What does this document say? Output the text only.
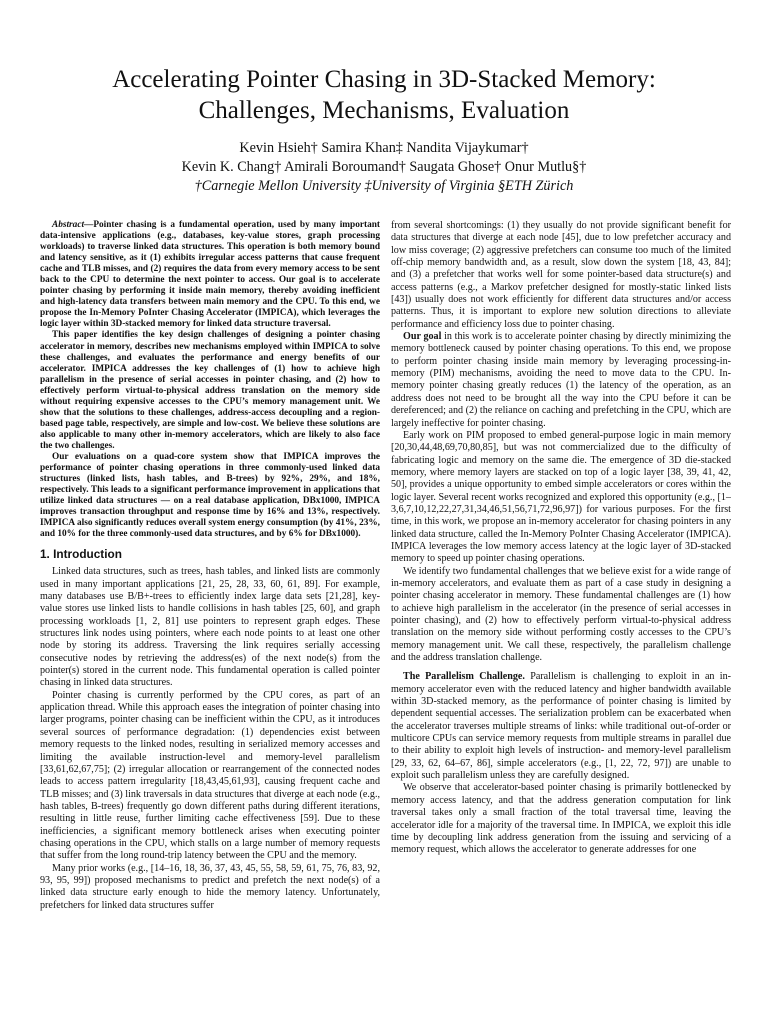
Accelerating Pointer Chasing in 3D-Stacked Memory:
Challenges, Mechanisms, Evaluation
Kevin Hsieh† Samira Khan‡ Nandita Vijaykumar†
Kevin K. Chang† Amirali Boroumand† Saugata Ghose† Onur Mutlu§†
†Carnegie Mellon University ‡University of Virginia §ETH Zürich

Abstract—Pointer chasing is a fundamental operation, used by many important data-intensive applications (e.g., databases, key-value stores, graph processing workloads) to traverse linked data structures. This operation is both memory bound and latency sensitive, as it (1) exhibits irregular access patterns that cause frequent cache and TLB misses, and (2) requires the data from every memory access to be sent back to the CPU to determine the next pointer to access. Our goal is to accelerate pointer chasing by performing it inside main memory, thereby avoiding inefficient and high-latency data transfers between main memory and the CPU. To this end, we propose the In-Memory PoInter Chasing Accelerator (IMPICA), which leverages the logic layer within 3D-stacked memory for linked data structure traversal.

This paper identifies the key design challenges of designing a pointer chasing accelerator in memory, describes new mechanisms employed within IMPICA to solve these challenges, and evaluates the performance and energy benefits of our accelerator. IMPICA addresses the key challenges of (1) how to achieve high parallelism in the presence of serial accesses in pointer chasing, and (2) how to effectively perform virtual-to-physical address translation on the memory side without requiring expensive accesses to the CPU’s memory management unit. We show that the solutions to these challenges, address-access decoupling and a region-based page table, respectively, are simple and low-cost. We believe these solutions are also applicable to many other in-memory accelerators, which are likely to also face the two challenges.

Our evaluations on a quad-core system show that IMPICA improves the performance of pointer chasing operations in three commonly-used linked data structures (linked lists, hash tables, and B-trees) by 92%, 29%, and 18%, respectively. This leads to a significant performance improvement in applications that utilize linked data structures — on a real database application, DBx1000, IMPICA improves transaction throughput and response time by 16% and 13%, respectively. IMPICA also significantly reduces overall system energy consumption (by 41%, 23%, and 10% for the three commonly-used data structures, and by 6% for DBx1000).

1. Introduction

Linked data structures, such as trees, hash tables, and linked lists are commonly used in many important applications [21, 25, 28, 33, 60, 61, 89]. For example, many databases use B/B+-trees to efficiently index large data sets [21,28], key-value stores use linked lists to handle collisions in hash tables [25, 60], and graph processing workloads [1, 2, 81] use pointers to represent graph edges. These structures link nodes using pointers, where each node points to at least one other node by storing its address. Traversing the link requires serially accessing consecutive nodes by retrieving the address(es) of the next node(s) from the pointer(s) stored in the current node. This fundamental operation is called pointer chasing in linked data structures.

Pointer chasing is currently performed by the CPU cores, as part of an application thread. While this approach eases the integration of pointer chasing into larger programs, pointer chasing can be inefficient within the CPU, as it introduces several sources of performance degradation: (1) dependencies exist between memory requests to the linked nodes, resulting in serialized memory accesses and limiting the available instruction-level and memory-level parallelism [33,61,62,67,75]; (2) irregular allocation or rearrangement of the connected nodes leads to access pattern irregularity [18,43,45,61,93], causing frequent cache and TLB misses; and (3) link traversals in data structures that diverge at each node (e.g., hash tables, B-trees) frequently go down different paths during different iterations, resulting in little reuse, further limiting cache effectiveness [59]. Due to these inefficiencies, a significant memory bottleneck arises when executing pointer chasing operations in the CPU, which stalls on a large number of memory requests that suffer from the long round-trip latency between the CPU and the memory.

Many prior works (e.g., [14–16, 18, 36, 37, 43, 45, 55, 58, 59, 61, 75, 76, 83, 92, 93, 95, 99]) proposed mechanisms to predict and prefetch the next node(s) of a linked data structure early enough to hide the memory latency. Unfortunately, prefetchers for linked data structures suffer

from several shortcomings: (1) they usually do not provide significant benefit for data structures that diverge at each node [45], due to low prefetcher accuracy and low miss coverage; (2) aggressive prefetchers can consume too much of the limited off-chip memory bandwidth and, as a result, slow down the system [18, 43, 84]; and (3) a prefetcher that works well for some pointer-based data structure(s) and access patterns (e.g., a Markov prefetcher designed for mostly-static linked lists [43]) usually does not work efficiently for different data structures and/or access patterns. Thus, it is important to explore new solution directions to alleviate performance and efficiency loss due to pointer chasing.

Our goal in this work is to accelerate pointer chasing by directly minimizing the memory bottleneck caused by pointer chasing operations. To this end, we propose to perform pointer chasing inside main memory by leveraging processing-in-memory (PIM) mechanisms, avoiding the need to move data to the CPU. In-memory pointer chasing greatly reduces (1) the latency of the operation, as an address does not need to be brought all the way into the CPU before it can be dereferenced; and (2) the reliance on caching and prefetching in the CPU, which are largely ineffective for pointer chasing.

Early work on PIM proposed to embed general-purpose logic in main memory [20,30,44,48,69,70,80,85], but was not commercialized due to the difficulty of fabricating logic and memory on the same die. The emergence of 3D die-stacked memory, where memory layers are stacked on top of a logic layer [38, 39, 41, 42, 50], provides a unique opportunity to embed simple accelerators or cores within the logic layer. Several recent works recognized and explored this opportunity (e.g., [1–3,6,7,10,12,22,27,31,34,46,51,56,71,72,96,97]) for various purposes. For the first time, in this work, we propose an in-memory accelerator for chasing pointers in any linked data structure, called the In-Memory PoInter Chasing Accelerator (IMPICA). IMPICA leverages the low memory access latency at the logic layer of 3D-stacked memory to speed up pointer chasing operations.

We identify two fundamental challenges that we believe exist for a wide range of in-memory accelerators, and evaluate them as part of a case study in designing a pointer chasing accelerator in memory. These fundamental challenges are (1) how to achieve high parallelism in the accelerator (in the presence of serial accesses in pointer chasing), and (2) how to effectively perform virtual-to-physical address translation on the memory side without performing costly accesses to the CPU’s memory management unit. We call these, respectively, the parallelism challenge and the address translation challenge.

The Parallelism Challenge. Parallelism is challenging to exploit in an in-memory accelerator even with the reduced latency and higher bandwidth available within 3D-stacked memory, as the performance of pointer chasing is limited by dependent sequential accesses. The serialization problem can be exacerbated when the accelerator traverses multiple streams of links: while traditional out-of-order or multicore CPUs can service memory requests from multiple streams in parallel due to their ability to exploit high levels of instruction- and memory-level parallelism [29, 33, 62, 64–67, 86], simple accelerators (e.g., [1, 22, 72, 97]) are unable to exploit such parallelism unless they are carefully designed.

We observe that accelerator-based pointer chasing is primarily bottlenecked by memory access latency, and that the address generation computation for link traversal takes only a small fraction of the total traversal time, leaving the accelerator idle for a majority of the traversal time. In IMPICA, we exploit this idle time by decoupling link address generation from the issuing and servicing of a memory request, which allows the accelerator to generate addresses for one
